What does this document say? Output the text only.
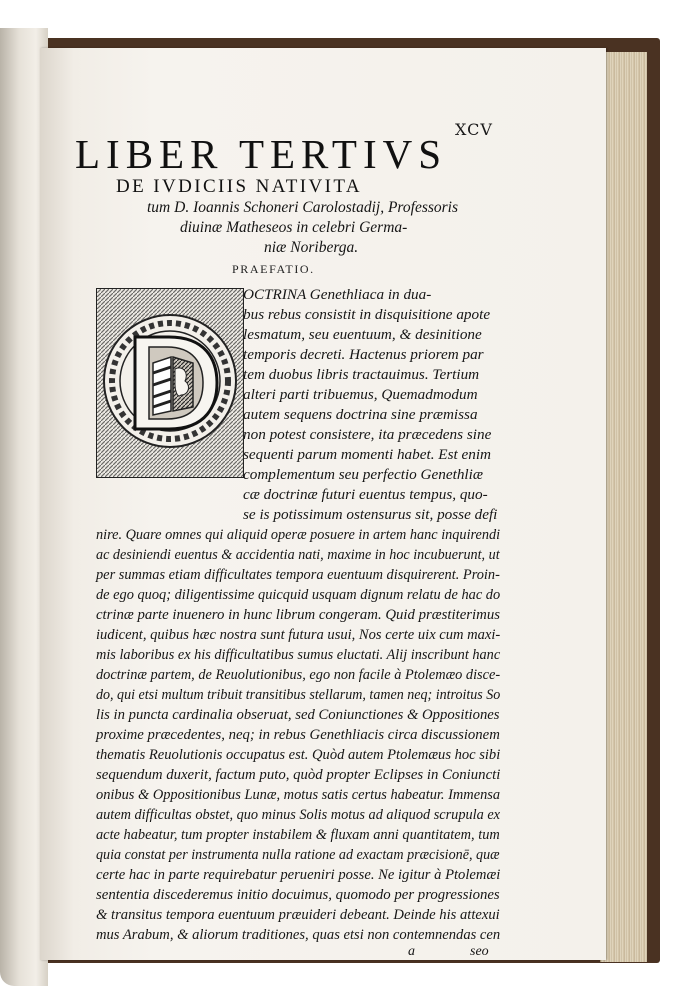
XCV
LIBER TERTIVS
DE IVDICIIS NATIVITA
tum D. Ioannis Schoneri Carolostadij, Professoris
diuinæ Matheseos in celebri Germa-
niæ Noriberga.
PRAEFATIO.
OCTRINA Genethliaca in dua-
bus rebus consistit in disquisitione apote
lesmatum, seu euentuum, & desinitione
temporis decreti. Hactenus priorem par
tem duobus libris tractauimus. Tertium
alteri parti tribuemus, Quemadmodum
autem sequens doctrina sine præmissa
non potest consistere, ita præcedens sine
sequenti parum momenti habet. Est enim
complementum seu perfectio Genethliæ
cæ doctrinæ futuri euentus tempus, quo-
se is potissimum ostensurus sit, posse defi
nire. Quare omnes qui aliquid operæ posuere in artem hanc inquirendi
ac desiniendi euentus & accidentia nati, maxime in hoc incubuerunt, ut
per summas etiam difficultates tempora euentuum disquirerent. Proin-
de ego quoq; diligentissime quicquid usquam dignum relatu de hac do
ctrinæ parte inuenero in hunc librum congeram. Quid præstiterimus
iudicent, quibus hæc nostra sunt futura usui, Nos certe uix cum maxi-
mis laboribus ex his difficultatibus sumus eluctati. Alij inscribunt hanc
doctrinæ partem, de Reuolutionibus, ego non facile à Ptolemæo disce-
do, qui etsi multum tribuit transitibus stellarum, tamen neq; introitus So
lis in puncta cardinalia obseruat, sed Coniunctiones & Oppositiones
proxime præcedentes, neq; in rebus Genethliacis circa discussionem
thematis Reuolutionis occupatus est. Quòd autem Ptolemæus hoc sibi
sequendum duxerit, factum puto, quòd propter Eclipses in Coniuncti
onibus & Oppositionibus Lunæ, motus satis certus habeatur. Immensa
autem difficultas obstet, quo minus Solis motus ad aliquod scrupula ex
acte habeatur, tum propter instabilem & fluxam anni quantitatem, tum
quia constat per instrumenta nulla ratione ad exactam præcisionē, quæ
certe hac in parte requirebatur perueniri posse. Ne igitur à Ptolemæi
sententia discederemus initio docuimus, quomodo per progressiones
& transitus tempora euentuum præuideri debeant. Deinde his attexui
mus Arabum, & aliorum traditiones, quas etsi non contemnendas cen
a	seo
